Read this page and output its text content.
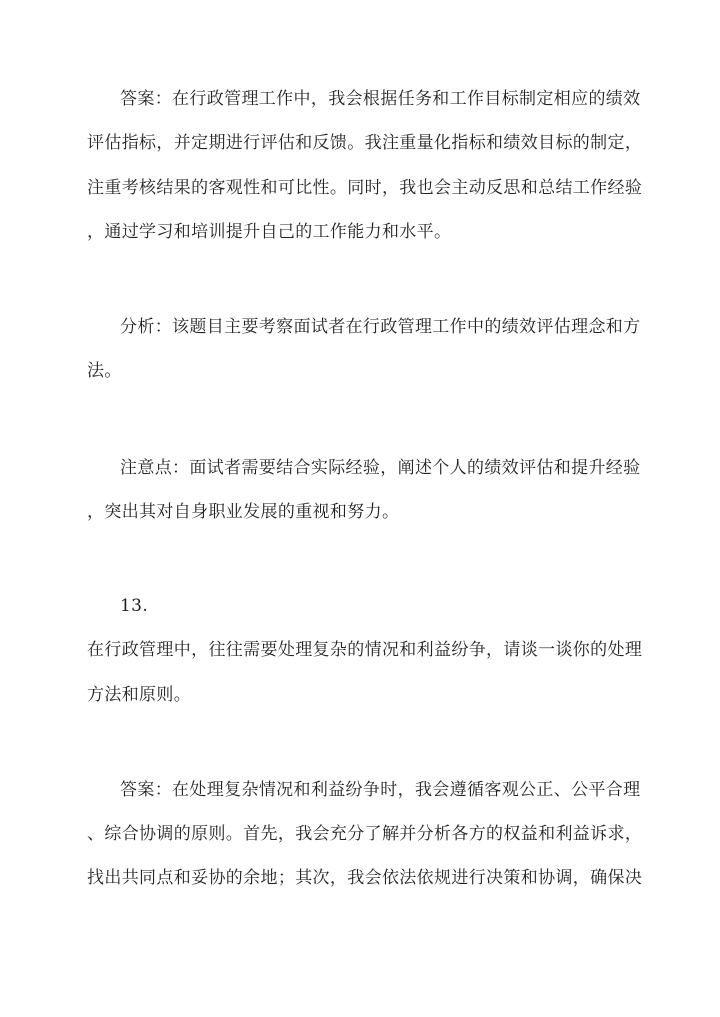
答案：在行政管理工作中，我会根据任务和工作目标制定相应的绩效
评估指标，并定期进行评估和反馈。我注重量化指标和绩效目标的制定，
注重考核结果的客观性和可比性。同时，我也会主动反思和总结工作经验
，通过学习和培训提升自己的工作能力和水平。
分析：该题目主要考察面试者在行政管理工作中的绩效评估理念和方
法。
注意点：面试者需要结合实际经验，阐述个人的绩效评估和提升经验
，突出其对自身职业发展的重视和努力。
13.
在行政管理中，往往需要处理复杂的情况和利益纷争，请谈一谈你的处理
方法和原则。
答案：在处理复杂情况和利益纷争时，我会遵循客观公正、公平合理
、综合协调的原则。首先，我会充分了解并分析各方的权益和利益诉求，
找出共同点和妥协的余地；其次，我会依法依规进行决策和协调，确保决
